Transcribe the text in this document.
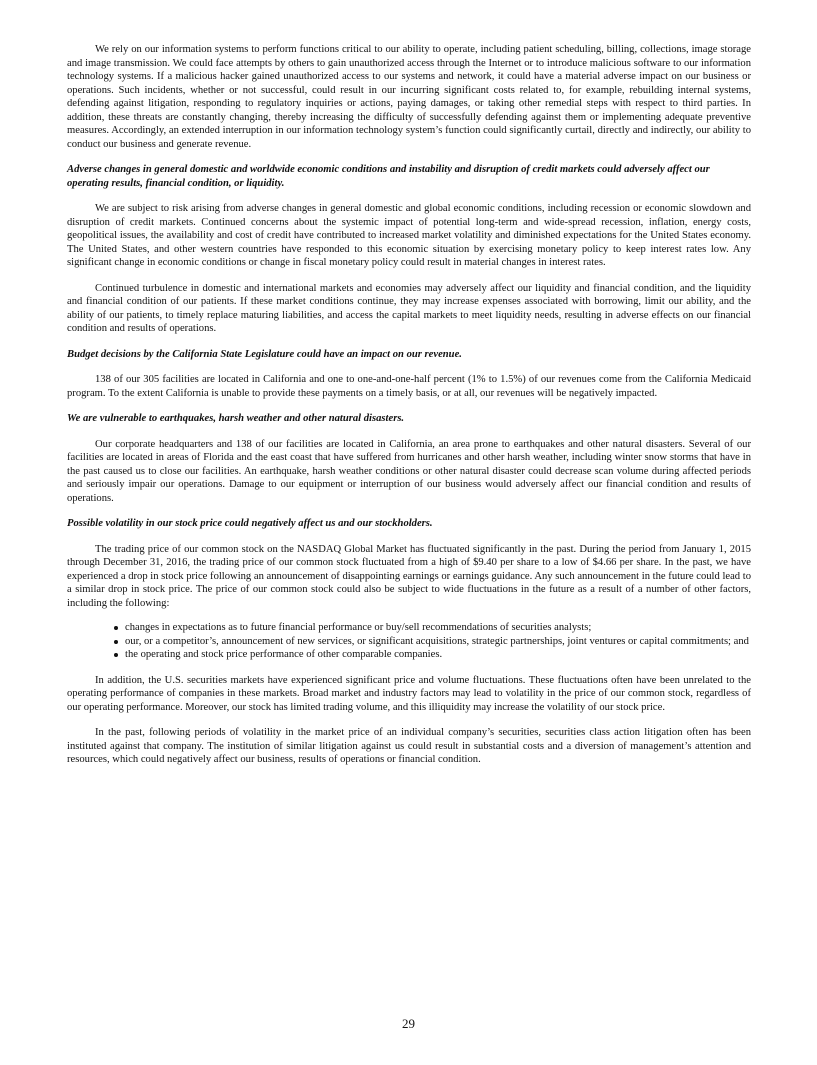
We rely on our information systems to perform functions critical to our ability to operate, including patient scheduling, billing, collections, image storage and image transmission. We could face attempts by others to gain unauthorized access through the Internet or to introduce malicious software to our information technology systems. If a malicious hacker gained unauthorized access to our systems and network, it could have a material adverse impact on our business or operations. Such incidents, whether or not successful, could result in our incurring significant costs related to, for example, rebuilding internal systems, defending against litigation, responding to regulatory inquiries or actions, paying damages, or taking other remedial steps with respect to third parties. In addition, these threats are constantly changing, thereby increasing the difficulty of successfully defending against them or implementing adequate preventive measures. Accordingly, an extended interruption in our information technology system’s function could significantly curtail, directly and indirectly, our ability to conduct our business and generate revenue.

Adverse changes in general domestic and worldwide economic conditions and instability and disruption of credit markets could adversely affect our operating results, financial condition, or liquidity.

We are subject to risk arising from adverse changes in general domestic and global economic conditions, including recession or economic slowdown and disruption of credit markets. Continued concerns about the systemic impact of potential long-term and wide-spread recession, inflation, energy costs, geopolitical issues, the availability and cost of credit have contributed to increased market volatility and diminished expectations for the United States economy. The United States, and other western countries have responded to this economic situation by exercising monetary policy to keep interest rates low. Any significant change in economic conditions or change in fiscal monetary policy could result in material changes in interest rates.

Continued turbulence in domestic and international markets and economies may adversely affect our liquidity and financial condition, and the liquidity and financial condition of our patients. If these market conditions continue, they may increase expenses associated with borrowing, limit our ability, and the ability of our patients, to timely replace maturing liabilities, and access the capital markets to meet liquidity needs, resulting in adverse effects on our financial condition and results of operations.

Budget decisions by the California State Legislature could have an impact on our revenue.

138 of our 305 facilities are located in California and one to one-and-one-half percent (1% to 1.5%) of our revenues come from the California Medicaid program. To the extent California is unable to provide these payments on a timely basis, or at all, our revenues will be negatively impacted.

We are vulnerable to earthquakes, harsh weather and other natural disasters.

Our corporate headquarters and 138 of our facilities are located in California, an area prone to earthquakes and other natural disasters. Several of our facilities are located in areas of Florida and the east coast that have suffered from hurricanes and other harsh weather, including winter snow storms that have in the past caused us to close our facilities. An earthquake, harsh weather conditions or other natural disaster could decrease scan volume during affected periods and seriously impair our operations. Damage to our equipment or interruption of our business would adversely affect our financial condition and results of operations.

Possible volatility in our stock price could negatively affect us and our stockholders.

The trading price of our common stock on the NASDAQ Global Market has fluctuated significantly in the past. During the period from January 1, 2015 through December 31, 2016, the trading price of our common stock fluctuated from a high of $9.40 per share to a low of $4.66 per share. In the past, we have experienced a drop in stock price following an announcement of disappointing earnings or earnings guidance. Any such announcement in the future could lead to a similar drop in stock price. The price of our common stock could also be subject to wide fluctuations in the future as a result of a number of other factors, including the following:

changes in expectations as to future financial performance or buy/sell recommendations of securities analysts;
our, or a competitor’s, announcement of new services, or significant acquisitions, strategic partnerships, joint ventures or capital commitments; and
the operating and stock price performance of other comparable companies.

In addition, the U.S. securities markets have experienced significant price and volume fluctuations. These fluctuations often have been unrelated to the operating performance of companies in these markets. Broad market and industry factors may lead to volatility in the price of our common stock, regardless of our operating performance. Moreover, our stock has limited trading volume, and this illiquidity may increase the volatility of our stock price.

In the past, following periods of volatility in the market price of an individual company’s securities, securities class action litigation often has been instituted against that company. The institution of similar litigation against us could result in substantial costs and a diversion of management’s attention and resources, which could negatively affect our business, results of operations or financial condition.

29
